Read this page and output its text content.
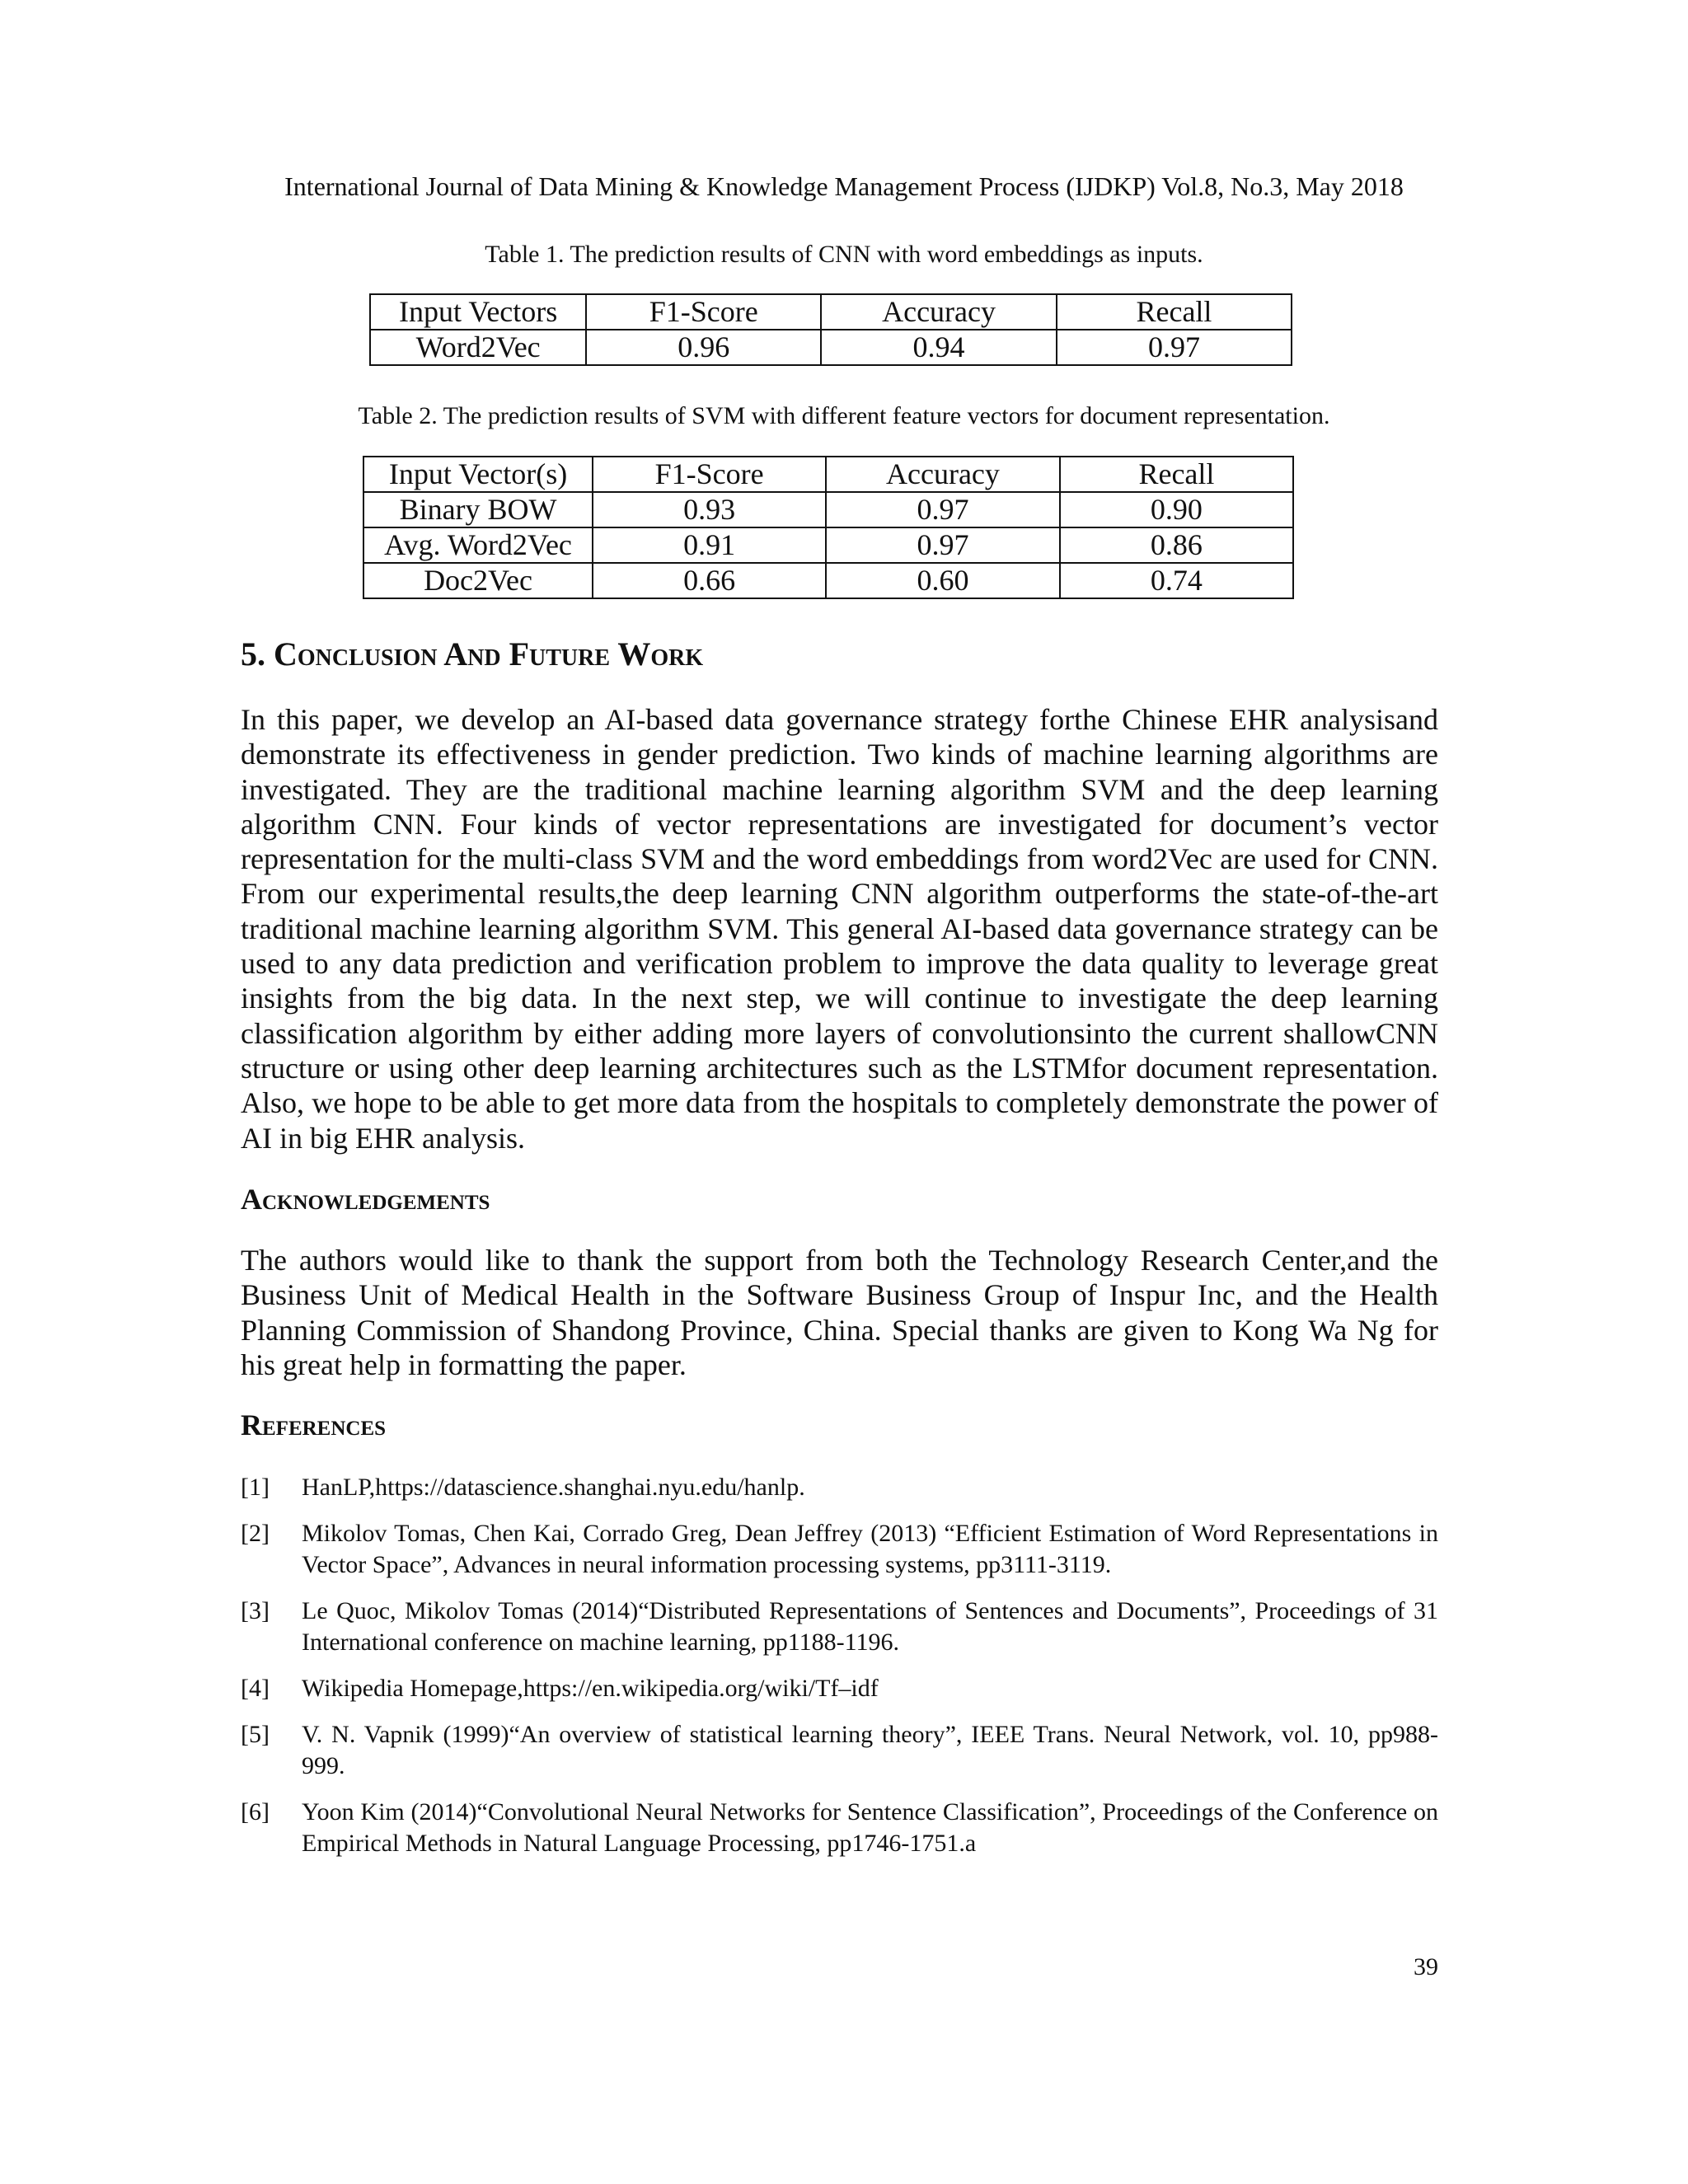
International Journal of Data Mining & Knowledge Management Process (IJDKP) Vol.8, No.3, May 2018
Table 1. The prediction results of CNN with word embeddings as inputs.
Input Vectors	F1-Score	Accuracy	Recall
Word2Vec	0.96	0.94	0.97
Table 2. The prediction results of SVM with different feature vectors for document representation.
Input Vector(s)	F1-Score	Accuracy	Recall
Binary BOW	0.93	0.97	0.90
Avg. Word2Vec	0.91	0.97	0.86
Doc2Vec	0.66	0.60	0.74
5. Conclusion And Future Work

In this paper, we develop an AI-based data governance strategy forthe Chinese EHR analysisand demonstrate its effectiveness in gender prediction. Two kinds of machine learning algorithms are investigated. They are the traditional machine learning algorithm SVM and the deep learning algorithm CNN. Four kinds of vector representations are investigated for document’s vector representation for the multi-class SVM and the word embeddings from word2Vec are used for CNN. From our experimental results,the deep learning CNN algorithm outperforms the state-of-the-art traditional machine learning algorithm SVM. This general AI-based data governance strategy can be used to any data prediction and verification problem to improve the data quality to leverage great insights from the big data. In the next step, we will continue to investigate the deep learning classification algorithm by either adding more layers of convolutionsinto the current shallowCNN structure or using other deep learning architectures such as the LSTMfor document representation. Also, we hope to be able to get more data from the hospitals to completely demonstrate the power of AI in big EHR analysis.

Acknowledgements

The authors would like to thank the support from both the Technology Research Center,and the Business Unit of Medical Health in the Software Business Group of Inspur Inc, and the Health Planning Commission of Shandong Province, China. Special thanks are given to Kong Wa Ng for his great help in formatting the paper.

References
[1]	HanLP,https://datascience.shanghai.nyu.edu/hanlp.
[2]	Mikolov Tomas, Chen Kai, Corrado Greg, Dean Jeffrey (2013) “Efficient Estimation of Word Representations in Vector Space”, Advances in neural information processing systems, pp3111-3119.
[3]	Le Quoc, Mikolov Tomas (2014)“Distributed Representations of Sentences and Documents”, Proceedings of 31 International conference on machine learning, pp1188-1196.
[4]	Wikipedia Homepage,https://en.wikipedia.org/wiki/Tf–idf
[5]	V. N. Vapnik (1999)“An overview of statistical learning theory”, IEEE Trans. Neural Network, vol. 10, pp988-999.
[6]	Yoon Kim (2014)“Convolutional Neural Networks for Sentence Classification”, Proceedings of the Conference on Empirical Methods in Natural Language Processing, pp1746-1751.a
39
